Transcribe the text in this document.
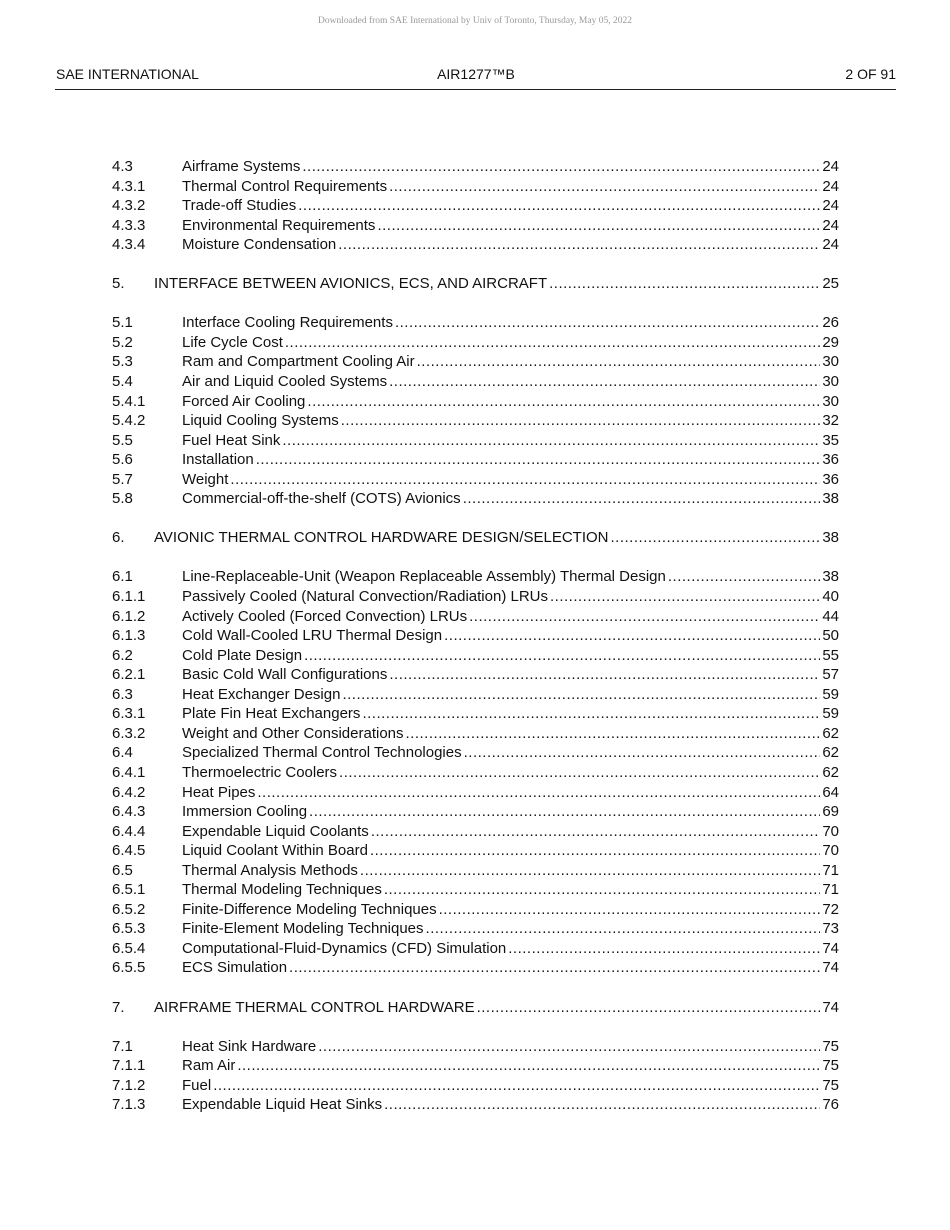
Downloaded from SAE International by Univ of Toronto, Thursday, May 05, 2022
SAE INTERNATIONAL	AIR1277™B	2 OF 91
4.3	Airframe Systems .....	24
4.3.1	Thermal Control Requirements .....	24
4.3.2	Trade-off Studies .....	24
4.3.3	Environmental Requirements .....	24
4.3.4	Moisture Condensation .....	24
5.	INTERFACE BETWEEN AVIONICS, ECS, AND AIRCRAFT .....	25
5.1	Interface Cooling Requirements .....	26
5.2	Life Cycle Cost .....	29
5.3	Ram and Compartment Cooling Air .....	30
5.4	Air and Liquid Cooled Systems .....	30
5.4.1	Forced Air Cooling .....	30
5.4.2	Liquid Cooling Systems .....	32
5.5	Fuel Heat Sink .....	35
5.6	Installation .....	36
5.7	Weight .....	36
5.8	Commercial-off-the-shelf (COTS) Avionics .....	38
6.	AVIONIC THERMAL CONTROL HARDWARE DESIGN/SELECTION .....	38
6.1	Line-Replaceable-Unit (Weapon Replaceable Assembly) Thermal Design .....	38
6.1.1	Passively Cooled (Natural Convection/Radiation) LRUs .....	40
6.1.2	Actively Cooled (Forced Convection) LRUs .....	44
6.1.3	Cold Wall-Cooled LRU Thermal Design .....	50
6.2	Cold Plate Design .....	55
6.2.1	Basic Cold Wall Configurations .....	57
6.3	Heat Exchanger Design .....	59
6.3.1	Plate Fin Heat Exchangers .....	59
6.3.2	Weight and Other Considerations .....	62
6.4	Specialized Thermal Control Technologies .....	62
6.4.1	Thermoelectric Coolers .....	62
6.4.2	Heat Pipes .....	64
6.4.3	Immersion Cooling .....	69
6.4.4	Expendable Liquid Coolants .....	70
6.4.5	Liquid Coolant Within Board .....	70
6.5	Thermal Analysis Methods .....	71
6.5.1	Thermal Modeling Techniques .....	71
6.5.2	Finite-Difference Modeling Techniques .....	72
6.5.3	Finite-Element Modeling Techniques .....	73
6.5.4	Computational-Fluid-Dynamics (CFD) Simulation .....	74
6.5.5	ECS Simulation .....	74
7.	AIRFRAME THERMAL CONTROL HARDWARE .....	74
7.1	Heat Sink Hardware .....	75
7.1.1	Ram Air .....	75
7.1.2	Fuel .....	75
7.1.3	Expendable Liquid Heat Sinks .....	76
